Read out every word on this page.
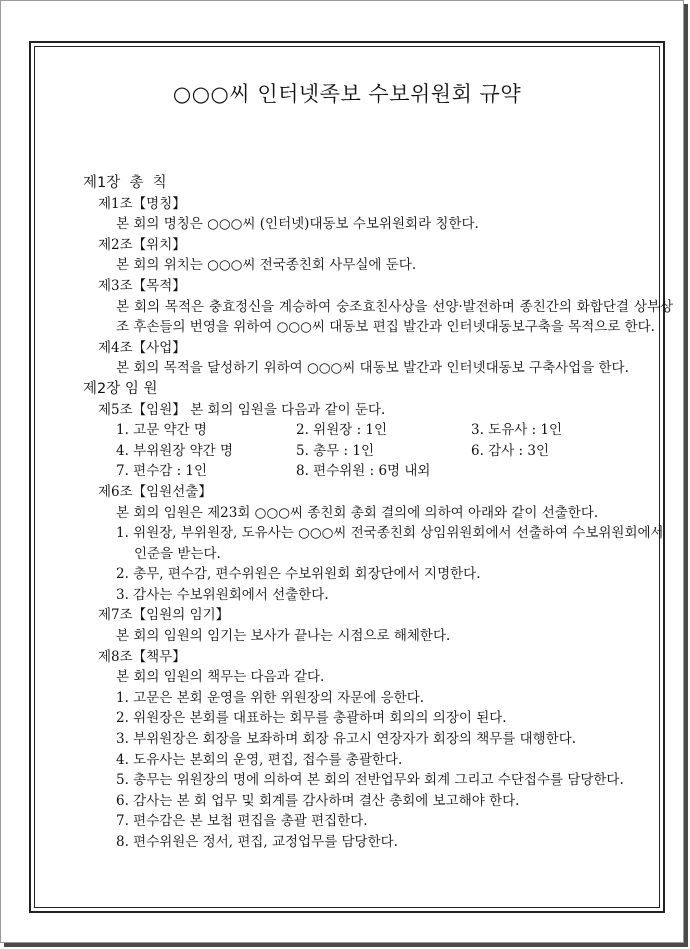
○○○씨 인터넷족보 수보위원회 규약
제1장  총  칙
제1조【명칭】
본 회의 명칭은 ○○○씨 (인터넷)대동보 수보위원회라 칭한다.
제2조【위치】
본 회의 위치는 ○○○씨 전국종친회 사무실에 둔다.
제3조【목적】
본 회의 목적은 충효정신을 계승하여 숭조효친사상을 선양·발전하며 종친간의 화합단결 상부상조 후손들의 번영을 위하여 ○○○씨 대동보 편집 발간과 인터넷대동보구축을 목적으로 한다.
제4조【사업】
본 회의 목적을 달성하기 위하여 ○○○씨 대동보 발간과 인터넷대동보 구축사업을 한다.
제2장 임 원
제5조【임원】 본 회의 임원을 다음과 같이 둔다.
1. 고문 약간 명	2. 위원장 : 1인	3. 도유사 : 1인
4. 부위원장 약간 명	5. 총무 : 1인	6. 감사 : 3인
7. 편수감 : 1인	8. 편수위원 : 6명 내외
제6조【임원선출】
본 회의 임원은 제23회 ○○○씨 종친회 총회 결의에 의하여 아래와 같이 선출한다.
1. 위원장, 부위원장, 도유사는 ○○○씨 전국종친회 상임위원회에서 선출하여 수보위원회에서 인준을 받는다.
2. 총무, 편수감, 편수위원은 수보위원회 회장단에서 지명한다.
3. 감사는 수보위원회에서 선출한다.
제7조【임원의 임기】
본 회의 임원의 임기는 보사가 끝나는 시점으로 해체한다.
제8조【책무】
본 회의 임원의 책무는 다음과 같다.
1. 고문은 본회 운영을 위한 위원장의 자문에 응한다.
2. 위원장은 본회를 대표하는 회무를 총괄하며 회의의 의장이 된다.
3. 부위원장은 회장을 보좌하며 회장 유고시 연장자가 회장의 책무를 대행한다.
4. 도유사는 본회의 운영, 편집, 접수를 총괄한다.
5. 총무는 위원장의 명에 의하여 본 회의 전반업무와 회계 그리고 수단접수를 담당한다.
6. 감사는 본 회 업무 및 회계를 감사하며 결산 총회에 보고해야 한다.
7. 편수감은 본 보첩 편집을 총괄 편집한다.
8. 편수위원은 정서, 편집, 교정업무를 담당한다.
